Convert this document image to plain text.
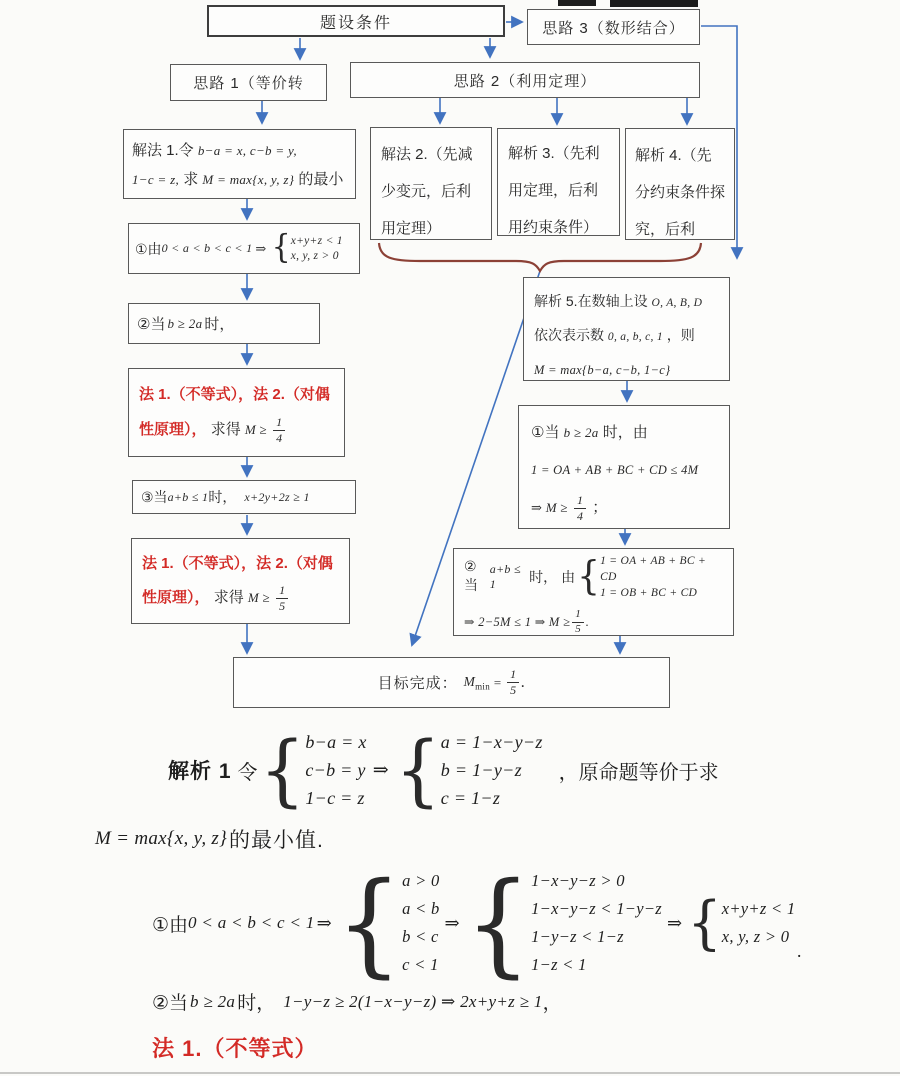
题设条件	思路 3（数形结合）
思路 1（等价转	思路 2（利用定理）
解法 1.令 b−a = x, c−b = y,
1−c = z, 求 M = max{x, y, z} 的最小
①由 0 < a < b < c < 1 ⇒ { x+y+z < 1
x, y, z > 0
②当 b ≥ 2a 时，
法 1.（不等式），法 2.（对偶性原理）， 求得 $M \ge \frac{1}{4}$
③当 a+b ≤ 1 时， x+2y+2z ≥ 1
法 1.（不等式），法 2.（对偶性原理）， 求得 $M \ge \frac{1}{5}$
解法 2.（先减少变元，后利用定理）
解析 3.（先利用定理，后利用约束条件）
解析 4.（先分约束条件探究，后利
解析 5.在数轴上设 O, A, B, D 依次表示数 0, a, b, c, 1 ，则
M = max{b−a, c−b, 1−c}
①当 b ≥ 2a 时，由
1 = OA + AB + BC + CD ≤ 4M
⇒ $M \ge \frac{1}{4}$ ；
②当
a+b ≤ 1	时， 由 { 1 = OA + AB + BC + CD
1 = OB + BC + CD
⇒ 2−5M ≤ 1 ⇒ $M \ge \frac{1}{5}$ .
目标完成： $M_{min} = \frac{1}{5}$ .
解析 1 令 { b−a = x
c−b = y
1−c = z
⇒ { a = 1−x−y−z
b = 1−y−z
c = 1−z
，原命题等价于求
M = max{x, y, z} 的最小值.
①由 0 < a < b < c < 1 ⇒ { a > 0
a < b
b < c
c < 1
⇒ { 1−x−y−z > 0
1−x−y−z < 1−y−z
1−y−z < 1−z
1−z < 1
⇒ { x+y+z < 1
x, y, z > 0
.
②当 b ≥ 2a 时， 1−y−z ≥ 2(1−x−y−z) ⇒ 2x+y+z ≥ 1 ，
法 1.（不等式）
